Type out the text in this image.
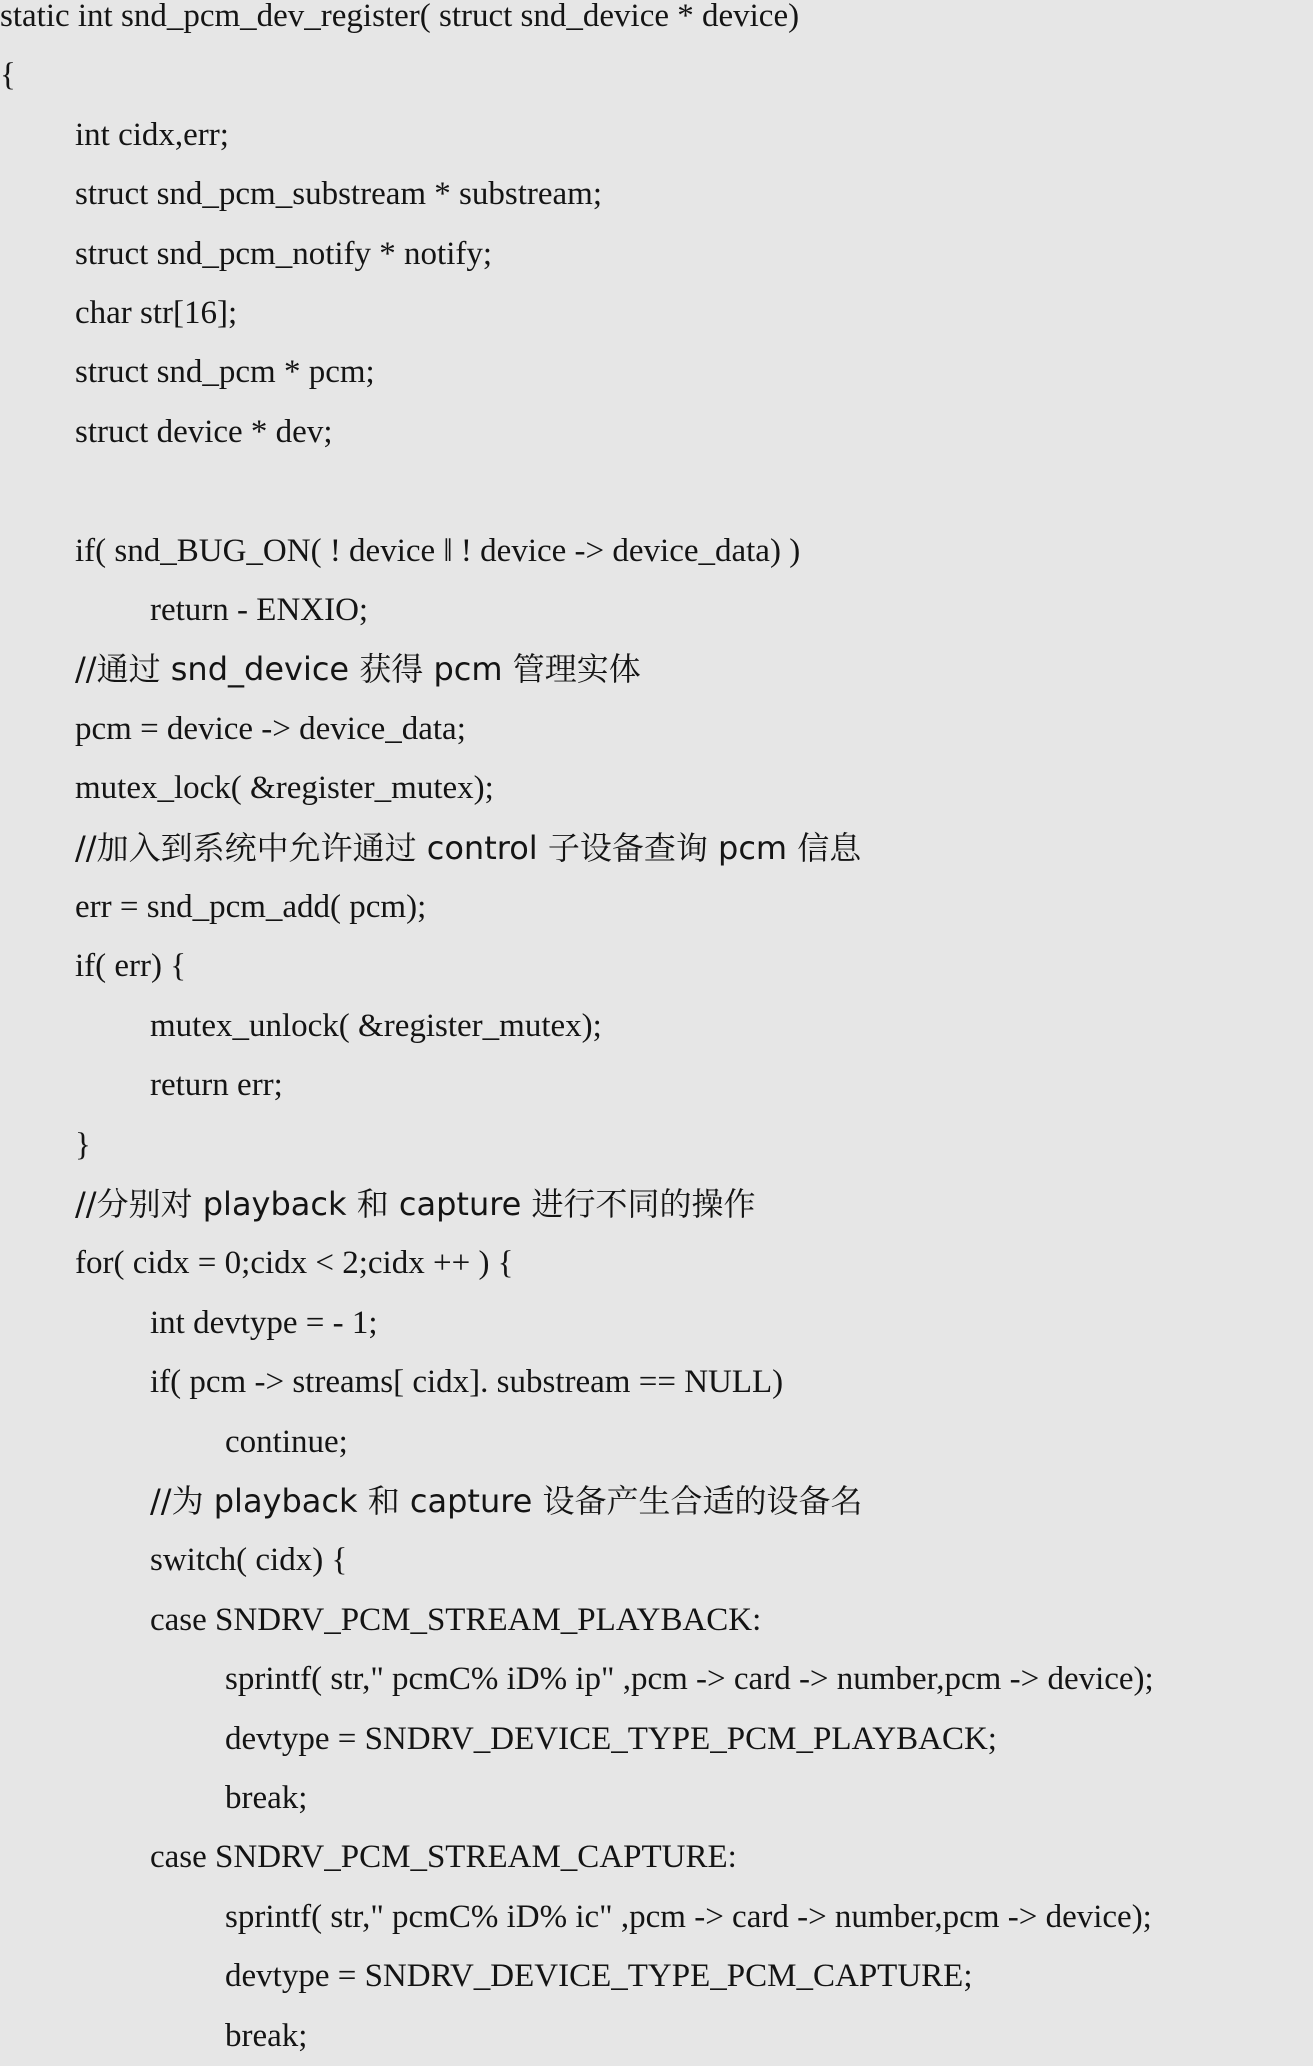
static int snd_pcm_dev_register( struct snd_device * device)
{
int cidx,err;
struct snd_pcm_substream * substream;
struct snd_pcm_notify * notify;
char str[16];
struct snd_pcm * pcm;
struct device * dev;
if( snd_BUG_ON( ! device ‖ ! device -> device_data) )
return - ENXIO;
//通过 snd_device 获得 pcm 管理实体
pcm = device -> device_data;
mutex_lock( &register_mutex);
//加入到系统中允许通过 control 子设备查询 pcm 信息
err = snd_pcm_add( pcm);
if( err) {
mutex_unlock( &register_mutex);
return err;
}
//分别对 playback 和 capture 进行不同的操作
for( cidx = 0;cidx < 2;cidx ++ ) {
int devtype = - 1;
if( pcm -> streams[ cidx]. substream == NULL)
continue;
//为 playback 和 capture 设备产生合适的设备名
switch( cidx) {
case SNDRV_PCM_STREAM_PLAYBACK:
sprintf( str," pcmC% iD% ip" ,pcm -> card -> number,pcm -> device);
devtype = SNDRV_DEVICE_TYPE_PCM_PLAYBACK;
break;
case SNDRV_PCM_STREAM_CAPTURE:
sprintf( str," pcmC% iD% ic" ,pcm -> card -> number,pcm -> device);
devtype = SNDRV_DEVICE_TYPE_PCM_CAPTURE;
break;
